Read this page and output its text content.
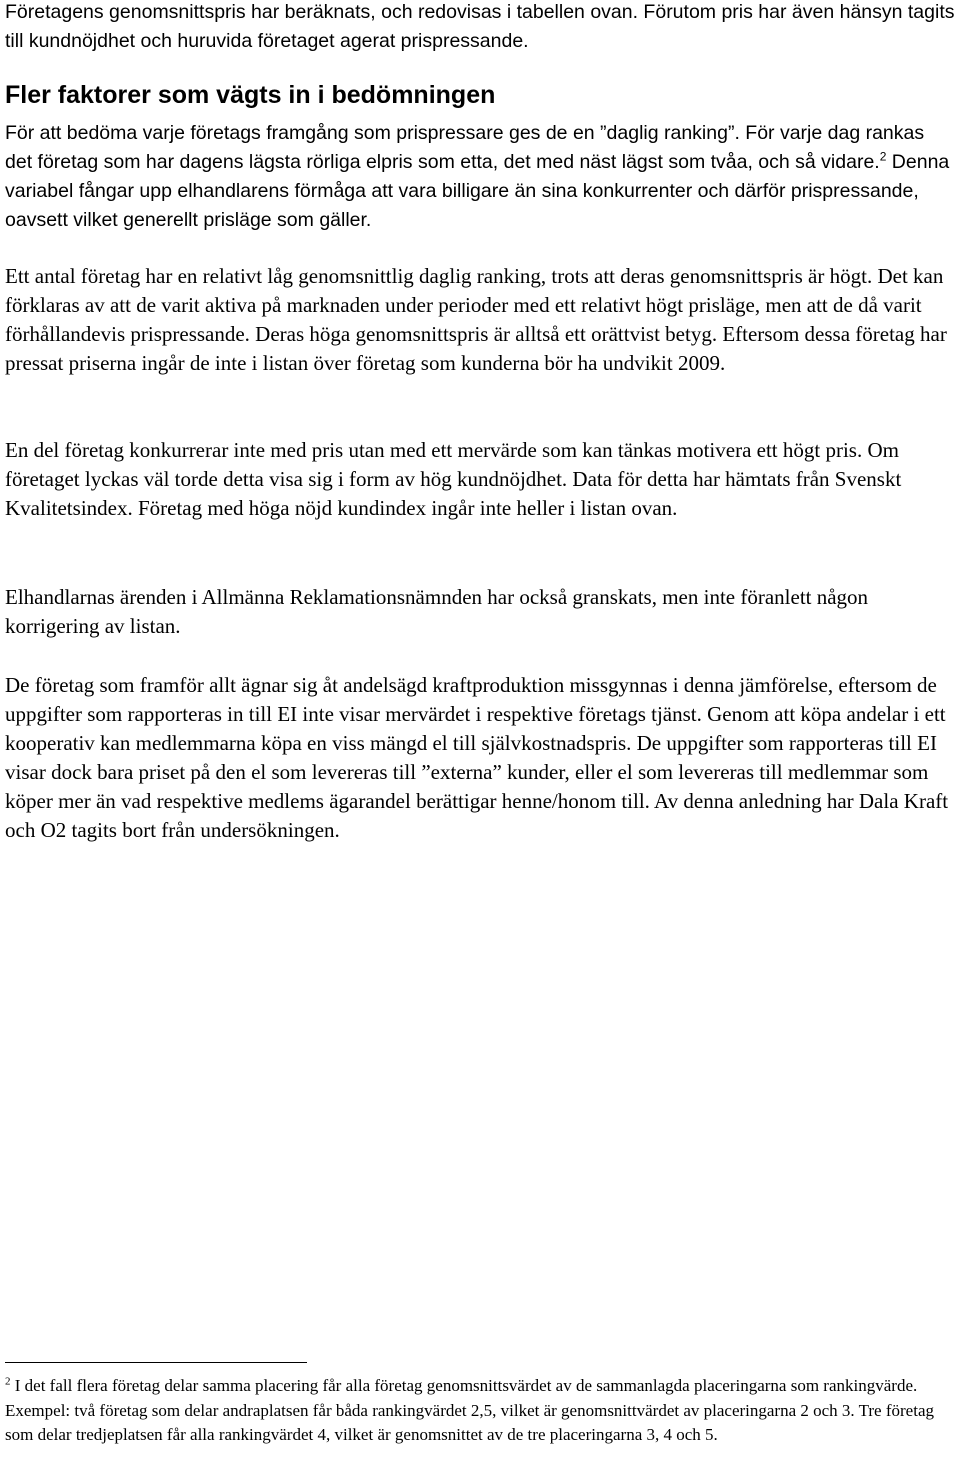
Företagens genomsnittspris har beräknats, och redovisas i tabellen ovan. Förutom pris har även hänsyn tagits till kundnöjdhet och huruvida företaget agerat prispressande.

Fler faktorer som vägts in i bedömningen

För att bedöma varje företags framgång som prispressare ges de en ”daglig ranking”. För varje dag rankas det företag som har dagens lägsta rörliga elpris som etta, det med näst lägst som tvåa, och så vidare.$^2$ Denna variabel fångar upp elhandlarens förmåga att vara billigare än sina konkurrenter och därför prispressande, oavsett vilket generellt prisläge som gäller.

Ett antal företag har en relativt låg genomsnittlig daglig ranking, trots att deras genomsnittspris är högt. Det kan förklaras av att de varit aktiva på marknaden under perioder med ett relativt högt prisläge, men att de då varit förhållandevis prispressande. Deras höga genomsnittspris är alltså ett orättvist betyg. Eftersom dessa företag har pressat priserna ingår de inte i listan över företag som kunderna bör ha undvikit 2009.

En del företag konkurrerar inte med pris utan med ett mervärde som kan tänkas motivera ett högt pris. Om företaget lyckas väl torde detta visa sig i form av hög kundnöjdhet. Data för detta har hämtats från Svenskt Kvalitetsindex. Företag med höga nöjd kundindex ingår inte heller i listan ovan.

Elhandlarnas ärenden i Allmänna Reklamationsnämnden har också granskats, men inte föranlett någon korrigering av listan.

De företag som framför allt ägnar sig åt andelsägd kraftproduktion missgynnas i denna jämförelse, eftersom de uppgifter som rapporteras in till EI inte visar mervärdet i respektive företags tjänst. Genom att köpa andelar i ett kooperativ kan medlemmarna köpa en viss mängd el till självkostnadspris. De uppgifter som rapporteras till EI visar dock bara priset på den el som levereras till ”externa” kunder, eller el som levereras till medlemmar som köper mer än vad respektive medlems ägarandel berättigar henne/honom till. Av denna anledning har Dala Kraft och O2 tagits bort från undersökningen.

$^2$ I det fall flera företag delar samma placering får alla företag genomsnittsvärdet av de sammanlagda placeringarna som rankingvärde. Exempel: två företag som delar andraplatsen får båda rankingvärdet 2,5, vilket är genomsnittvärdet av placeringarna 2 och 3. Tre företag som delar tredjeplatsen får alla rankingvärdet 4, vilket är genomsnittet av de tre placeringarna 3, 4 och 5.
